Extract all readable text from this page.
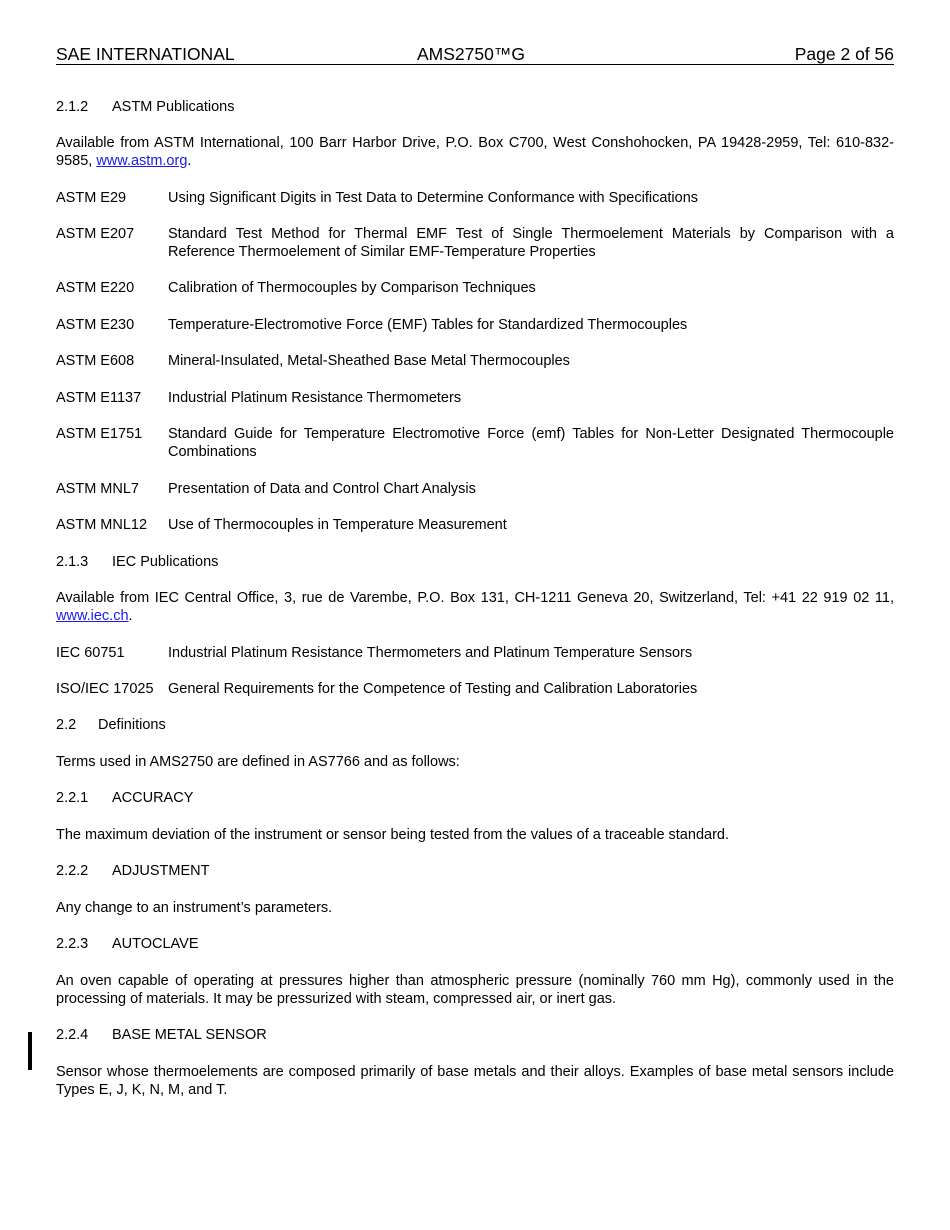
SAE INTERNATIONAL	AMS2750™G	Page 2 of 56
2.1.2 ASTM Publications
Available from ASTM International, 100 Barr Harbor Drive, P.O. Box C700, West Conshohocken, PA 19428-2959, Tel: 610-832-9585, www.astm.org.
ASTM E29	Using Significant Digits in Test Data to Determine Conformance with Specifications
ASTM E207	Standard Test Method for Thermal EMF Test of Single Thermoelement Materials by Comparison with a Reference Thermoelement of Similar EMF-Temperature Properties
ASTM E220	Calibration of Thermocouples by Comparison Techniques
ASTM E230	Temperature-Electromotive Force (EMF) Tables for Standardized Thermocouples
ASTM E608	Mineral-Insulated, Metal-Sheathed Base Metal Thermocouples
ASTM E1137	Industrial Platinum Resistance Thermometers
ASTM E1751	Standard Guide for Temperature Electromotive Force (emf) Tables for Non-Letter Designated Thermocouple Combinations
ASTM MNL7	Presentation of Data and Control Chart Analysis
ASTM MNL12	Use of Thermocouples in Temperature Measurement
2.1.3 IEC Publications
Available from IEC Central Office, 3, rue de Varembe, P.O. Box 131, CH-1211 Geneva 20, Switzerland, Tel: +41 22 919 02 11, www.iec.ch.
IEC 60751	Industrial Platinum Resistance Thermometers and Platinum Temperature Sensors
ISO/IEC 17025 General Requirements for the Competence of Testing and Calibration Laboratories
2.2 Definitions
Terms used in AMS2750 are defined in AS7766 and as follows:
2.2.1 ACCURACY
The maximum deviation of the instrument or sensor being tested from the values of a traceable standard.
2.2.2 ADJUSTMENT
Any change to an instrument’s parameters.
2.2.3 AUTOCLAVE
An oven capable of operating at pressures higher than atmospheric pressure (nominally 760 mm Hg), commonly used in the processing of materials. It may be pressurized with steam, compressed air, or inert gas.
2.2.4 BASE METAL SENSOR
Sensor whose thermoelements are composed primarily of base metals and their alloys. Examples of base metal sensors include Types E, J, K, N, M, and T.
